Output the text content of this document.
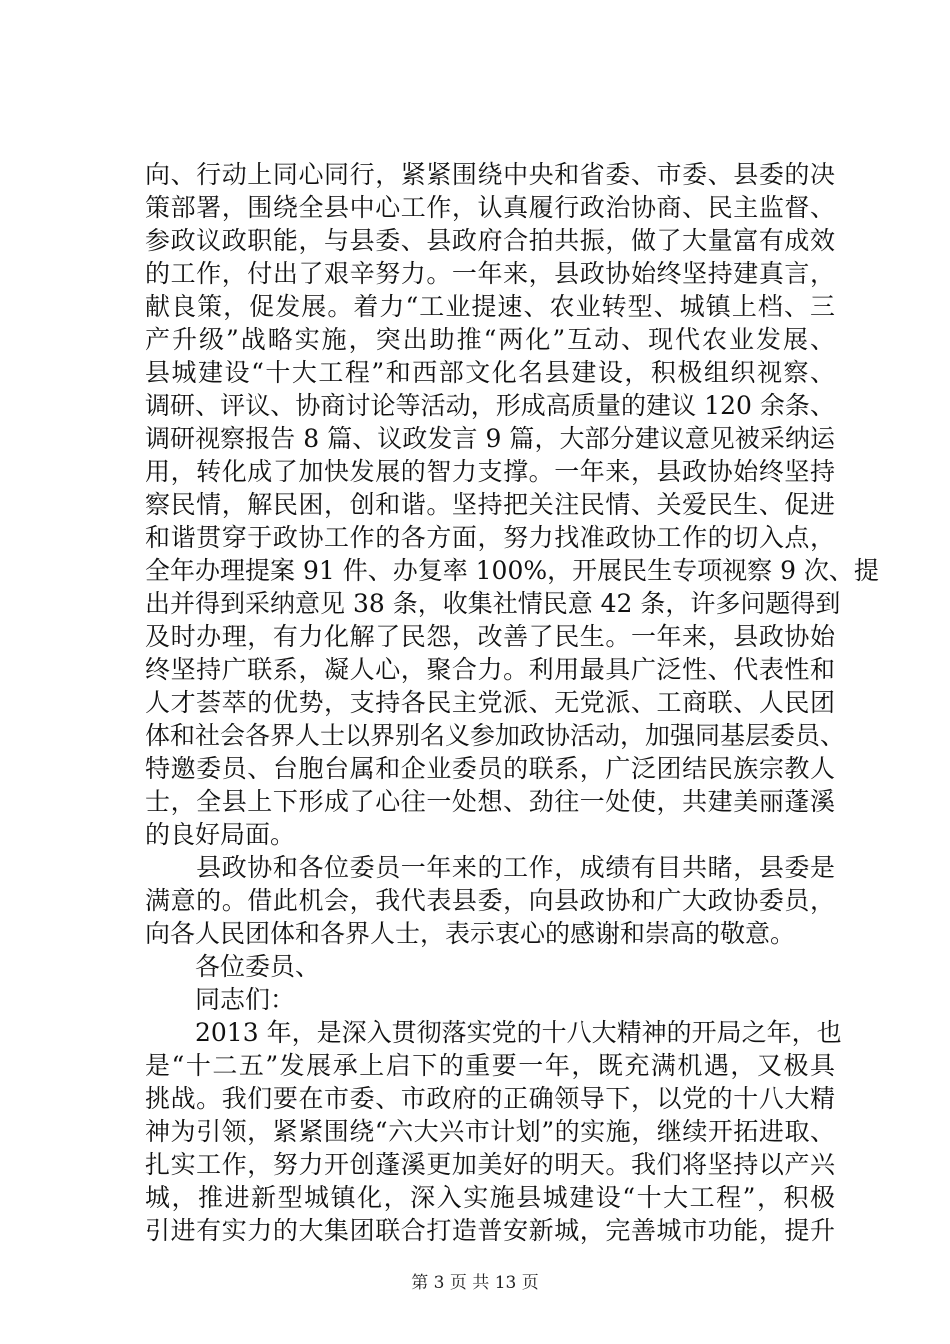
向、行动上同心同行，紧紧围绕中央和省委、市委、县委的决
策部署，围绕全县中心工作，认真履行政治协商、民主监督、
参政议政职能，与县委、县政府合拍共振，做了大量富有成效
的工作，付出了艰辛努力。一年来，县政协始终坚持建真言，
献良策，促发展。着力“工业提速、农业转型、城镇上档、三
产升级”战略实施，突出助推“两化”互动、现代农业发展、
县城建设“十大工程”和西部文化名县建设，积极组织视察、
调研、评议、协商讨论等活动，形成高质量的建议 120 余条、
调研视察报告 8 篇、议政发言 9 篇，大部分建议意见被采纳运
用，转化成了加快发展的智力支撑。一年来，县政协始终坚持
察民情，解民困，创和谐。坚持把关注民情、关爱民生、促进
和谐贯穿于政协工作的各方面，努力找准政协工作的切入点，
全年办理提案 91 件、办复率 100%，开展民生专项视察 9 次、提
出并得到采纳意见 38 条，收集社情民意 42 条，许多问题得到
及时办理，有力化解了民怨，改善了民生。一年来，县政协始
终坚持广联系，凝人心，聚合力。利用最具广泛性、代表性和
人才荟萃的优势，支持各民主党派、无党派、工商联、人民团
体和社会各界人士以界别名义参加政协活动，加强同基层委员、
特邀委员、台胞台属和企业委员的联系，广泛团结民族宗教人
士，全县上下形成了心往一处想、劲往一处使，共建美丽蓬溪
的良好局面。
　　县政协和各位委员一年来的工作，成绩有目共睹，县委是
满意的。借此机会，我代表县委，向县政协和广大政协委员，
向各人民团体和各界人士，表示衷心的感谢和崇高的敬意。
　　各位委员、
　　同志们：
　　2013 年，是深入贯彻落实党的十八大精神的开局之年，也
是“十二五”发展承上启下的重要一年，既充满机遇，又极具
挑战。我们要在市委、市政府的正确领导下，以党的十八大精
神为引领，紧紧围绕“六大兴市计划”的实施，继续开拓进取、
扎实工作，努力开创蓬溪更加美好的明天。我们将坚持以产兴
城，推进新型城镇化，深入实施县城建设“十大工程”，积极
引进有实力的大集团联合打造普安新城，完善城市功能，提升
第 3 页 共 13 页
